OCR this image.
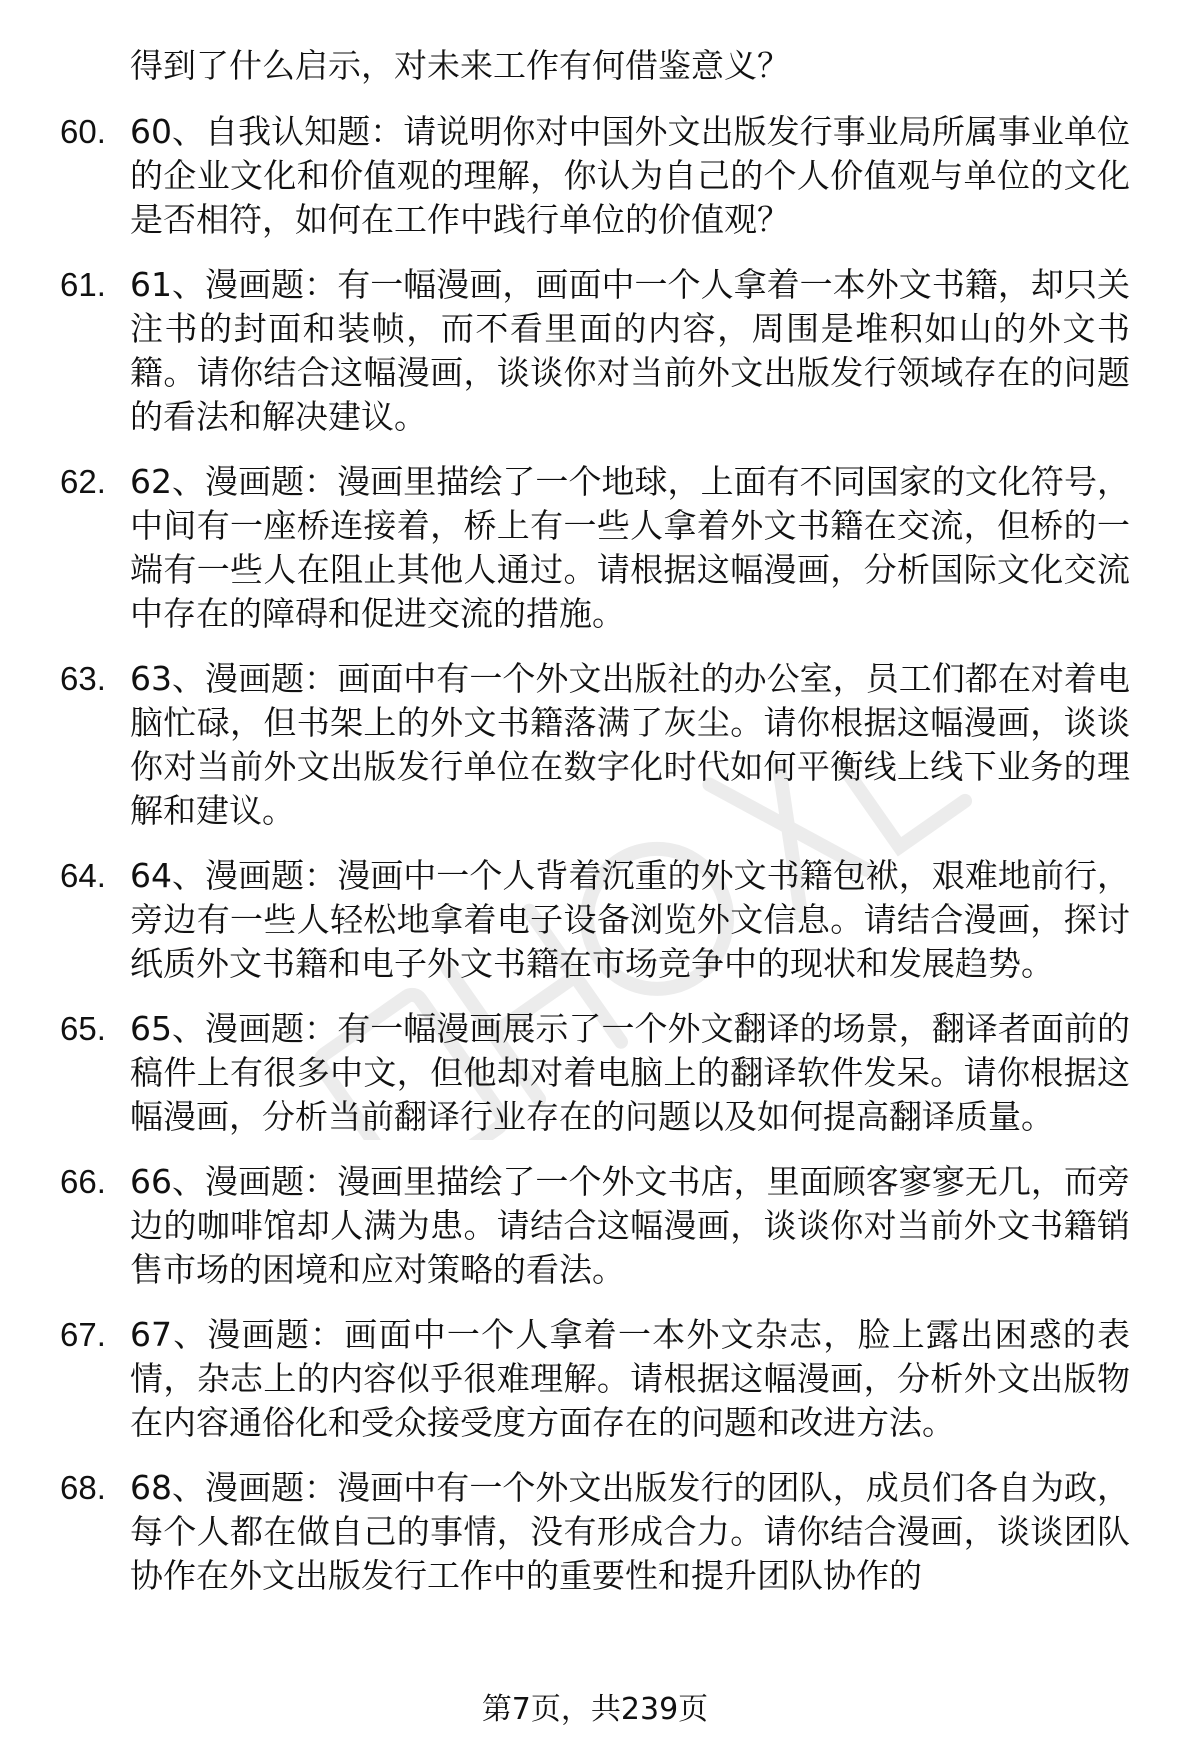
得到了什么启示，对未来工作有何借鉴意义？
60. 60、自我认知题：请说明你对中国外文出版发行事业局所属事业单位的企业文化和价值观的理解，你认为自己的个人价值观与单位的文化是否相符，如何在工作中践行单位的价值观？
61. 61、漫画题：有一幅漫画，画面中一个人拿着一本外文书籍，却只关注书的封面和装帧，而不看里面的内容，周围是堆积如山的外文书籍。请你结合这幅漫画，谈谈你对当前外文出版发行领域存在的问题的看法和解决建议。
62. 62、漫画题：漫画里描绘了一个地球，上面有不同国家的文化符号，中间有一座桥连接着，桥上有一些人拿着外文书籍在交流，但桥的一端有一些人在阻止其他人通过。请根据这幅漫画，分析国际文化交流中存在的障碍和促进交流的措施。
63. 63、漫画题：画面中有一个外文出版社的办公室，员工们都在对着电脑忙碌，但书架上的外文书籍落满了灰尘。请你根据这幅漫画，谈谈你对当前外文出版发行单位在数字化时代如何平衡线上线下业务的理解和建议。
64. 64、漫画题：漫画中一个人背着沉重的外文书籍包袱，艰难地前行，旁边有一些人轻松地拿着电子设备浏览外文信息。请结合漫画，探讨纸质外文书籍和电子外文书籍在市场竞争中的现状和发展趋势。
65. 65、漫画题：有一幅漫画展示了一个外文翻译的场景，翻译者面前的稿件上有很多中文，但他却对着电脑上的翻译软件发呆。请你根据这幅漫画，分析当前翻译行业存在的问题以及如何提高翻译质量。
66. 66、漫画题：漫画里描绘了一个外文书店，里面顾客寥寥无几，而旁边的咖啡馆却人满为患。请结合这幅漫画，谈谈你对当前外文书籍销售市场的困境和应对策略的看法。
67. 67、漫画题：画面中一个人拿着一本外文杂志，脸上露出困惑的表情，杂志上的内容似乎很难理解。请根据这幅漫画，分析外文出版物在内容通俗化和受众接受度方面存在的问题和改进方法。
68. 68、漫画题：漫画中有一个外文出版发行的团队，成员们各自为政，每个人都在做自己的事情，没有形成合力。请你结合漫画，谈谈团队协作在外文出版发行工作中的重要性和提升团队协作的
第7页，共239页
